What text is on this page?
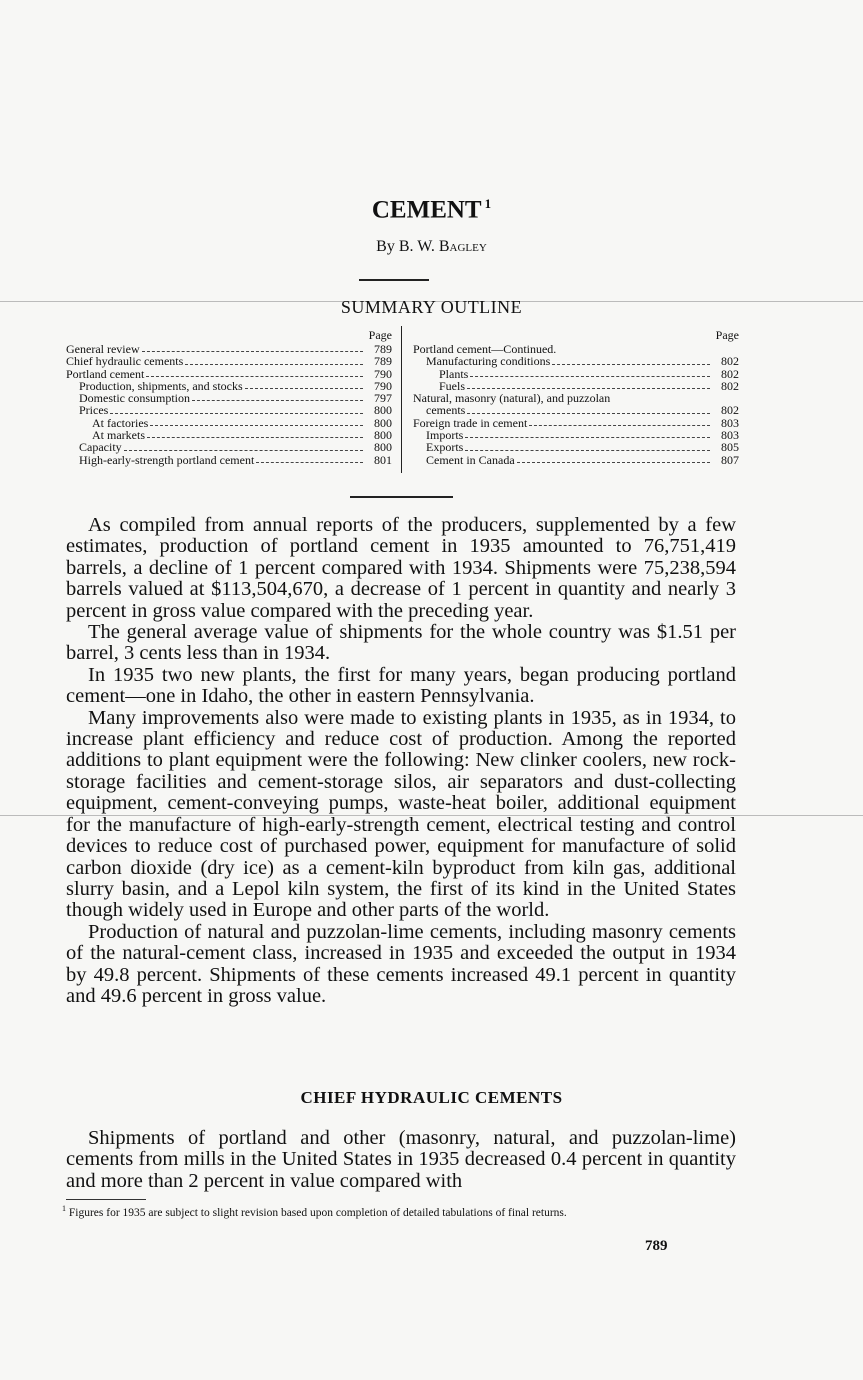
CEMENT $^1$
By B. W. Bagley
SUMMARY OUTLINE
Page
General review	789
Chief hydraulic cements	789
Portland cement	790
Production, shipments, and stocks	790
Domestic consumption	797
Prices	800
At factories	800
At markets	800
Capacity	800
High-early-strength portland cement	801
Page
Portland cement—Continued.
Manufacturing conditions	802
Plants	802
Fuels	802
Natural, masonry (natural), and puzzolan
cements	802
Foreign trade in cement	803
Imports	803
Exports	805
Cement in Canada	807

As compiled from annual reports of the producers, supplemented by a few estimates, production of portland cement in 1935 amounted to 76,751,419 barrels, a decline of 1 percent compared with 1934. Shipments were 75,238,594 barrels valued at $113,504,670, a decrease of 1 percent in quantity and nearly 3 percent in gross value compared with the preceding year.

The general average value of shipments for the whole country was $1.51 per barrel, 3 cents less than in 1934.

In 1935 two new plants, the first for many years, began producing portland cement—one in Idaho, the other in eastern Pennsylvania.

Many improvements also were made to existing plants in 1935, as in 1934, to increase plant efficiency and reduce cost of production. Among the reported additions to plant equipment were the following: New clinker coolers, new rock-storage facilities and cement-storage silos, air separators and dust-collecting equipment, cement-conveying pumps, waste-heat boiler, additional equipment for the manufacture of high-early-strength cement, electrical testing and control devices to reduce cost of purchased power, equipment for manufacture of solid carbon dioxide (dry ice) as a cement-kiln byproduct from kiln gas, additional slurry basin, and a Lepol kiln system, the first of its kind in the United States though widely used in Europe and other parts of the world.

Production of natural and puzzolan-lime cements, including masonry cements of the natural-cement class, increased in 1935 and exceeded the output in 1934 by 49.8 percent. Shipments of these cements increased 49.1 percent in quantity and 49.6 percent in gross value.

CHIEF HYDRAULIC CEMENTS

Shipments of portland and other (masonry, natural, and puzzolan-lime) cements from mills in the United States in 1935 decreased 0.4 percent in quantity and more than 2 percent in value compared with

$^1$ Figures for 1935 are subject to slight revision based upon completion of detailed tabulations of final returns.
789
